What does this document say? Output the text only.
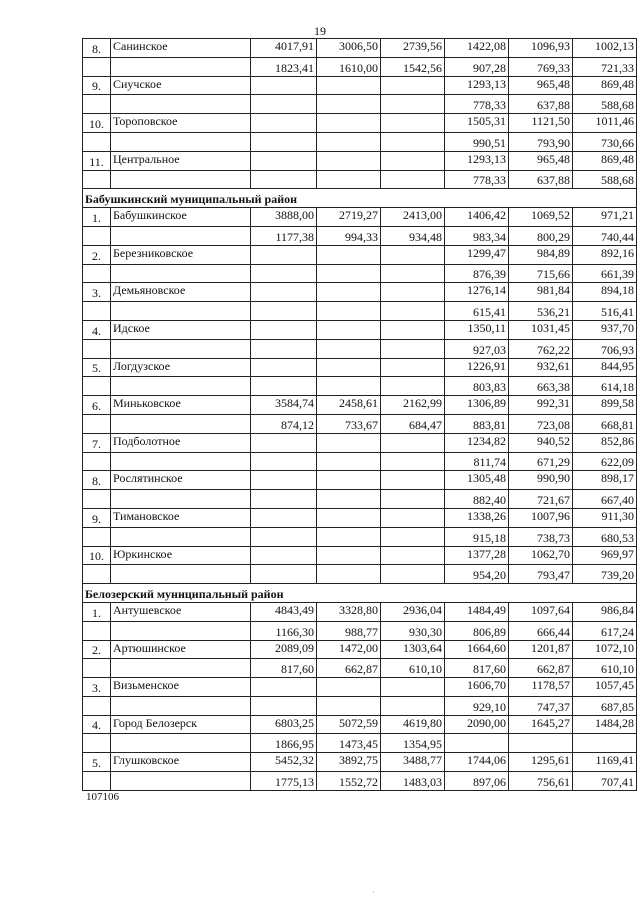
19
8.	Санинское	4017,91	3006,50	2739,56	1422,08	1096,93	1002,13
		1823,41	1610,00	1542,56	907,28	769,33	721,33
9.	Сиучское				1293,13	965,48	869,48
					778,33	637,88	588,68
10.	Тороповское				1505,31	1121,50	1011,46
					990,51	793,90	730,66
11.	Центральное				1293,13	965,48	869,48
					778,33	637,88	588,68
Бабушкинский муниципальный район							
1.	Бабушкинское	3888,00	2719,27	2413,00	1406,42	1069,52	971,21
		1177,38	994,33	934,48	983,34	800,29	740,44
2.	Березниковское				1299,47	984,89	892,16
					876,39	715,66	661,39
3.	Демьяновское				1276,14	981,84	894,18
					615,41	536,21	516,41
4.	Идское				1350,11	1031,45	937,70
					927,03	762,22	706,93
5.	Логдузское				1226,91	932,61	844,95
					803,83	663,38	614,18
6.	Миньковское	3584,74	2458,61	2162,99	1306,89	992,31	899,58
		874,12	733,67	684,47	883,81	723,08	668,81
7.	Подболотное				1234,82	940,52	852,86
					811,74	671,29	622,09
8.	Рослятинское				1305,48	990,90	898,17
					882,40	721,67	667,40
9.	Тимановское				1338,26	1007,96	911,30
					915,18	738,73	680,53
10.	Юркинское				1377,28	1062,70	969,97
					954,20	793,47	739,20
Белозерский муниципальный район							
1.	Антушевское	4843,49	3328,80	2936,04	1484,49	1097,64	986,84
		1166,30	988,77	930,30	806,89	666,44	617,24
2.	Артюшинское	2089,09	1472,00	1303,64	1664,60	1201,87	1072,10
		817,60	662,87	610,10	817,60	662,87	610,10
3.	Визьменское				1606,70	1178,57	1057,45
					929,10	747,37	687,85
4.	Город Белозерск	6803,25	5072,59	4619,80	2090,00	1645,27	1484,28
		1866,95	1473,45	1354,95			
5.	Глушковское	5452,32	3892,75	3488,77	1744,06	1295,61	1169,41
		1775,13	1552,72	1483,03	897,06	756,61	707,41
107106
·
